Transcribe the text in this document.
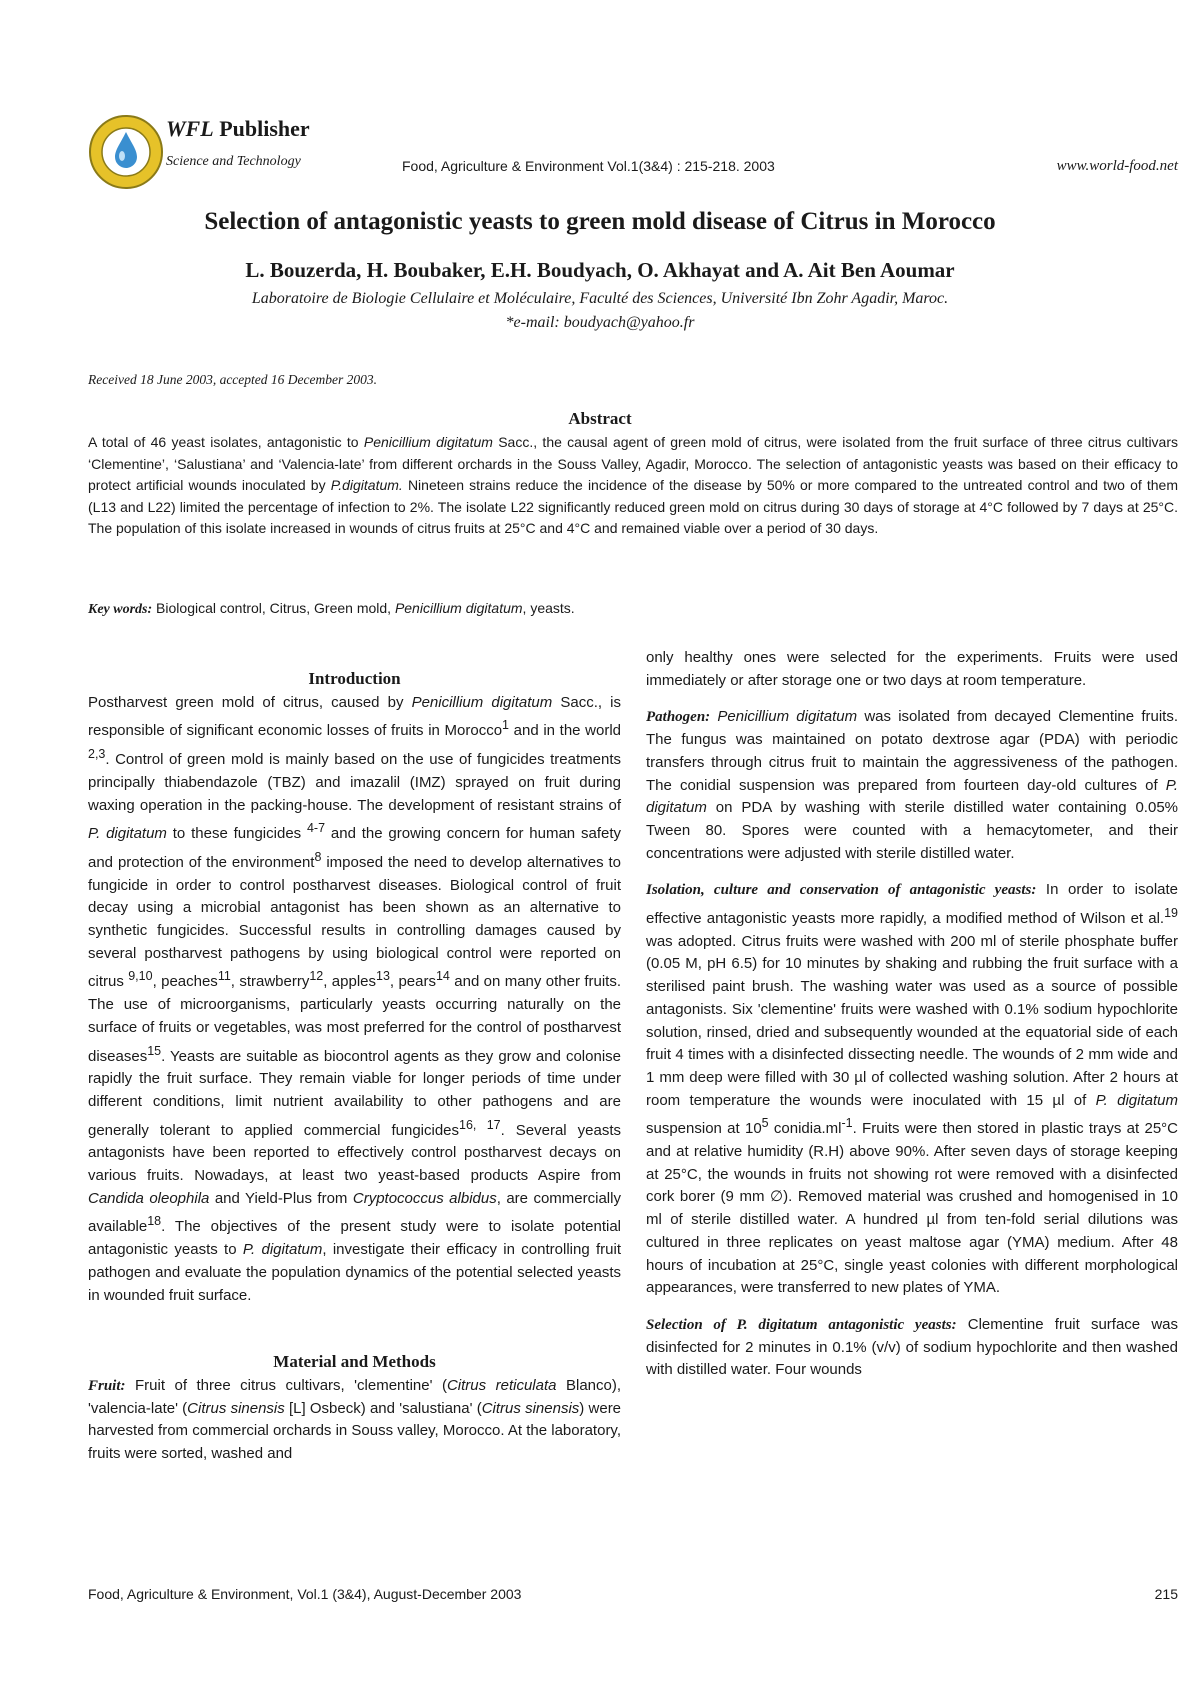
WFL Publisher
Science and Technology	Food, Agriculture & Environment Vol.1(3&4) : 215-218. 2003	www.world-food.net
Selection of antagonistic yeasts to green mold disease of Citrus in Morocco
L. Bouzerda, H. Boubaker, E.H. Boudyach, O. Akhayat and A. Ait Ben Aoumar
Laboratoire de Biologie Cellulaire et Moléculaire, Faculté des Sciences, Université Ibn Zohr Agadir, Maroc.
*e-mail: boudyach@yahoo.fr
Received 18 June 2003, accepted 16 December 2003.
Abstract
A total of 46 yeast isolates, antagonistic to Penicillium digitatum Sacc., the causal agent of green mold of citrus, were isolated from the fruit surface of three citrus cultivars ‘Clementine’, ‘Salustiana’ and ‘Valencia-late’ from different orchards in the Souss Valley, Agadir, Morocco. The selection of antagonistic yeasts was based on their efficacy to protect artificial wounds inoculated by P.digitatum. Nineteen strains reduce the incidence of the disease by 50% or more compared to the untreated control and two of them (L13 and L22) limited the percentage of infection to 2%. The isolate L22 significantly reduced green mold on citrus during 30 days of storage at 4°C followed by 7 days at 25°C. The population of this isolate increased in wounds of citrus fruits at 25°C and 4°C and remained viable over a period of 30 days.
Key words: Biological control, Citrus, Green mold, Penicillium digitatum, yeasts.
Introduction

Postharvest green mold of citrus, caused by Penicillium digitatum Sacc., is responsible of significant economic losses of fruits in Morocco$^1$ and in the world $^{2,3}$. Control of green mold is mainly based on the use of fungicides treatments principally thiabendazole (TBZ) and imazalil (IMZ) sprayed on fruit during waxing operation in the packing-house. The development of resistant strains of P. digitatum to these fungicides $^{4-7}$ and the growing concern for human safety and protection of the environment$^8$ imposed the need to develop alternatives to fungicide in order to control postharvest diseases. Biological control of fruit decay using a microbial antagonist has been shown as an alternative to synthetic fungicides. Successful results in controlling damages caused by several postharvest pathogens by using biological control were reported on citrus $^{9,10}$, peaches$^{11}$, strawberry$^{12}$, apples$^{13}$, pears$^{14}$ and on many other fruits. The use of microorganisms, particularly yeasts occurring naturally on the surface of fruits or vegetables, was most preferred for the control of postharvest diseases$^{15}$. Yeasts are suitable as biocontrol agents as they grow and colonise rapidly the fruit surface. They remain viable for longer periods of time under different conditions, limit nutrient availability to other pathogens and are generally tolerant to applied commercial fungicides$^{16, 17}$. Several yeasts antagonists have been reported to effectively control postharvest decays on various fruits. Nowadays, at least two yeast-based products Aspire from Candida oleophila and Yield-Plus from Cryptococcus albidus, are commercially available$^{18}$. The objectives of the present study were to isolate potential antagonistic yeasts to P. digitatum, investigate their efficacy in controlling fruit pathogen and evaluate the population dynamics of the potential selected yeasts in wounded fruit surface.

Material and Methods

Fruit: Fruit of three citrus cultivars, 'clementine' (Citrus reticulata Blanco), 'valencia-late' (Citrus sinensis [L] Osbeck) and 'salustiana' (Citrus sinensis) were harvested from commercial orchards in Souss valley, Morocco. At the laboratory, fruits were sorted, washed and

only healthy ones were selected for the experiments. Fruits were used immediately or after storage one or two days at room temperature.

Pathogen: Penicillium digitatum was isolated from decayed Clementine fruits. The fungus was maintained on potato dextrose agar (PDA) with periodic transfers through citrus fruit to maintain the aggressiveness of the pathogen. The conidial suspension was prepared from fourteen day-old cultures of P. digitatum on PDA by washing with sterile distilled water containing 0.05% Tween 80. Spores were counted with a hemacytometer, and their concentrations were adjusted with sterile distilled water.

Isolation, culture and conservation of antagonistic yeasts: In order to isolate effective antagonistic yeasts more rapidly, a modified method of Wilson et al.$^{19}$ was adopted. Citrus fruits were washed with 200 ml of sterile phosphate buffer (0.05 M, pH 6.5) for 10 minutes by shaking and rubbing the fruit surface with a sterilised paint brush. The washing water was used as a source of possible antagonists. Six 'clementine' fruits were washed with 0.1% sodium hypochlorite solution, rinsed, dried and subsequently wounded at the equatorial side of each fruit 4 times with a disinfected dissecting needle. The wounds of 2 mm wide and 1 mm deep were filled with 30 µl of collected washing solution. After 2 hours at room temperature the wounds were inoculated with 15 µl of P. digitatum suspension at $10^5$ $conidia.ml^{-1}$. Fruits were then stored in plastic trays at 25°C and at relative humidity (R.H) above 90%. After seven days of storage keeping at 25°C, the wounds in fruits not showing rot were removed with a disinfected cork borer (9 mm ∅). Removed material was crushed and homogenised in 10 ml of sterile distilled water. A hundred µl from ten-fold serial dilutions was cultured in three replicates on yeast maltose agar (YMA) medium. After 48 hours of incubation at 25°C, single yeast colonies with different morphological appearances, were transferred to new plates of YMA.

Selection of P. digitatum antagonistic yeasts: Clementine fruit surface was disinfected for 2 minutes in 0.1% (v/v) of sodium hypochlorite and then washed with distilled water. Four wounds

Food, Agriculture & Environment, Vol.1 (3&4), August-December 2003	215
